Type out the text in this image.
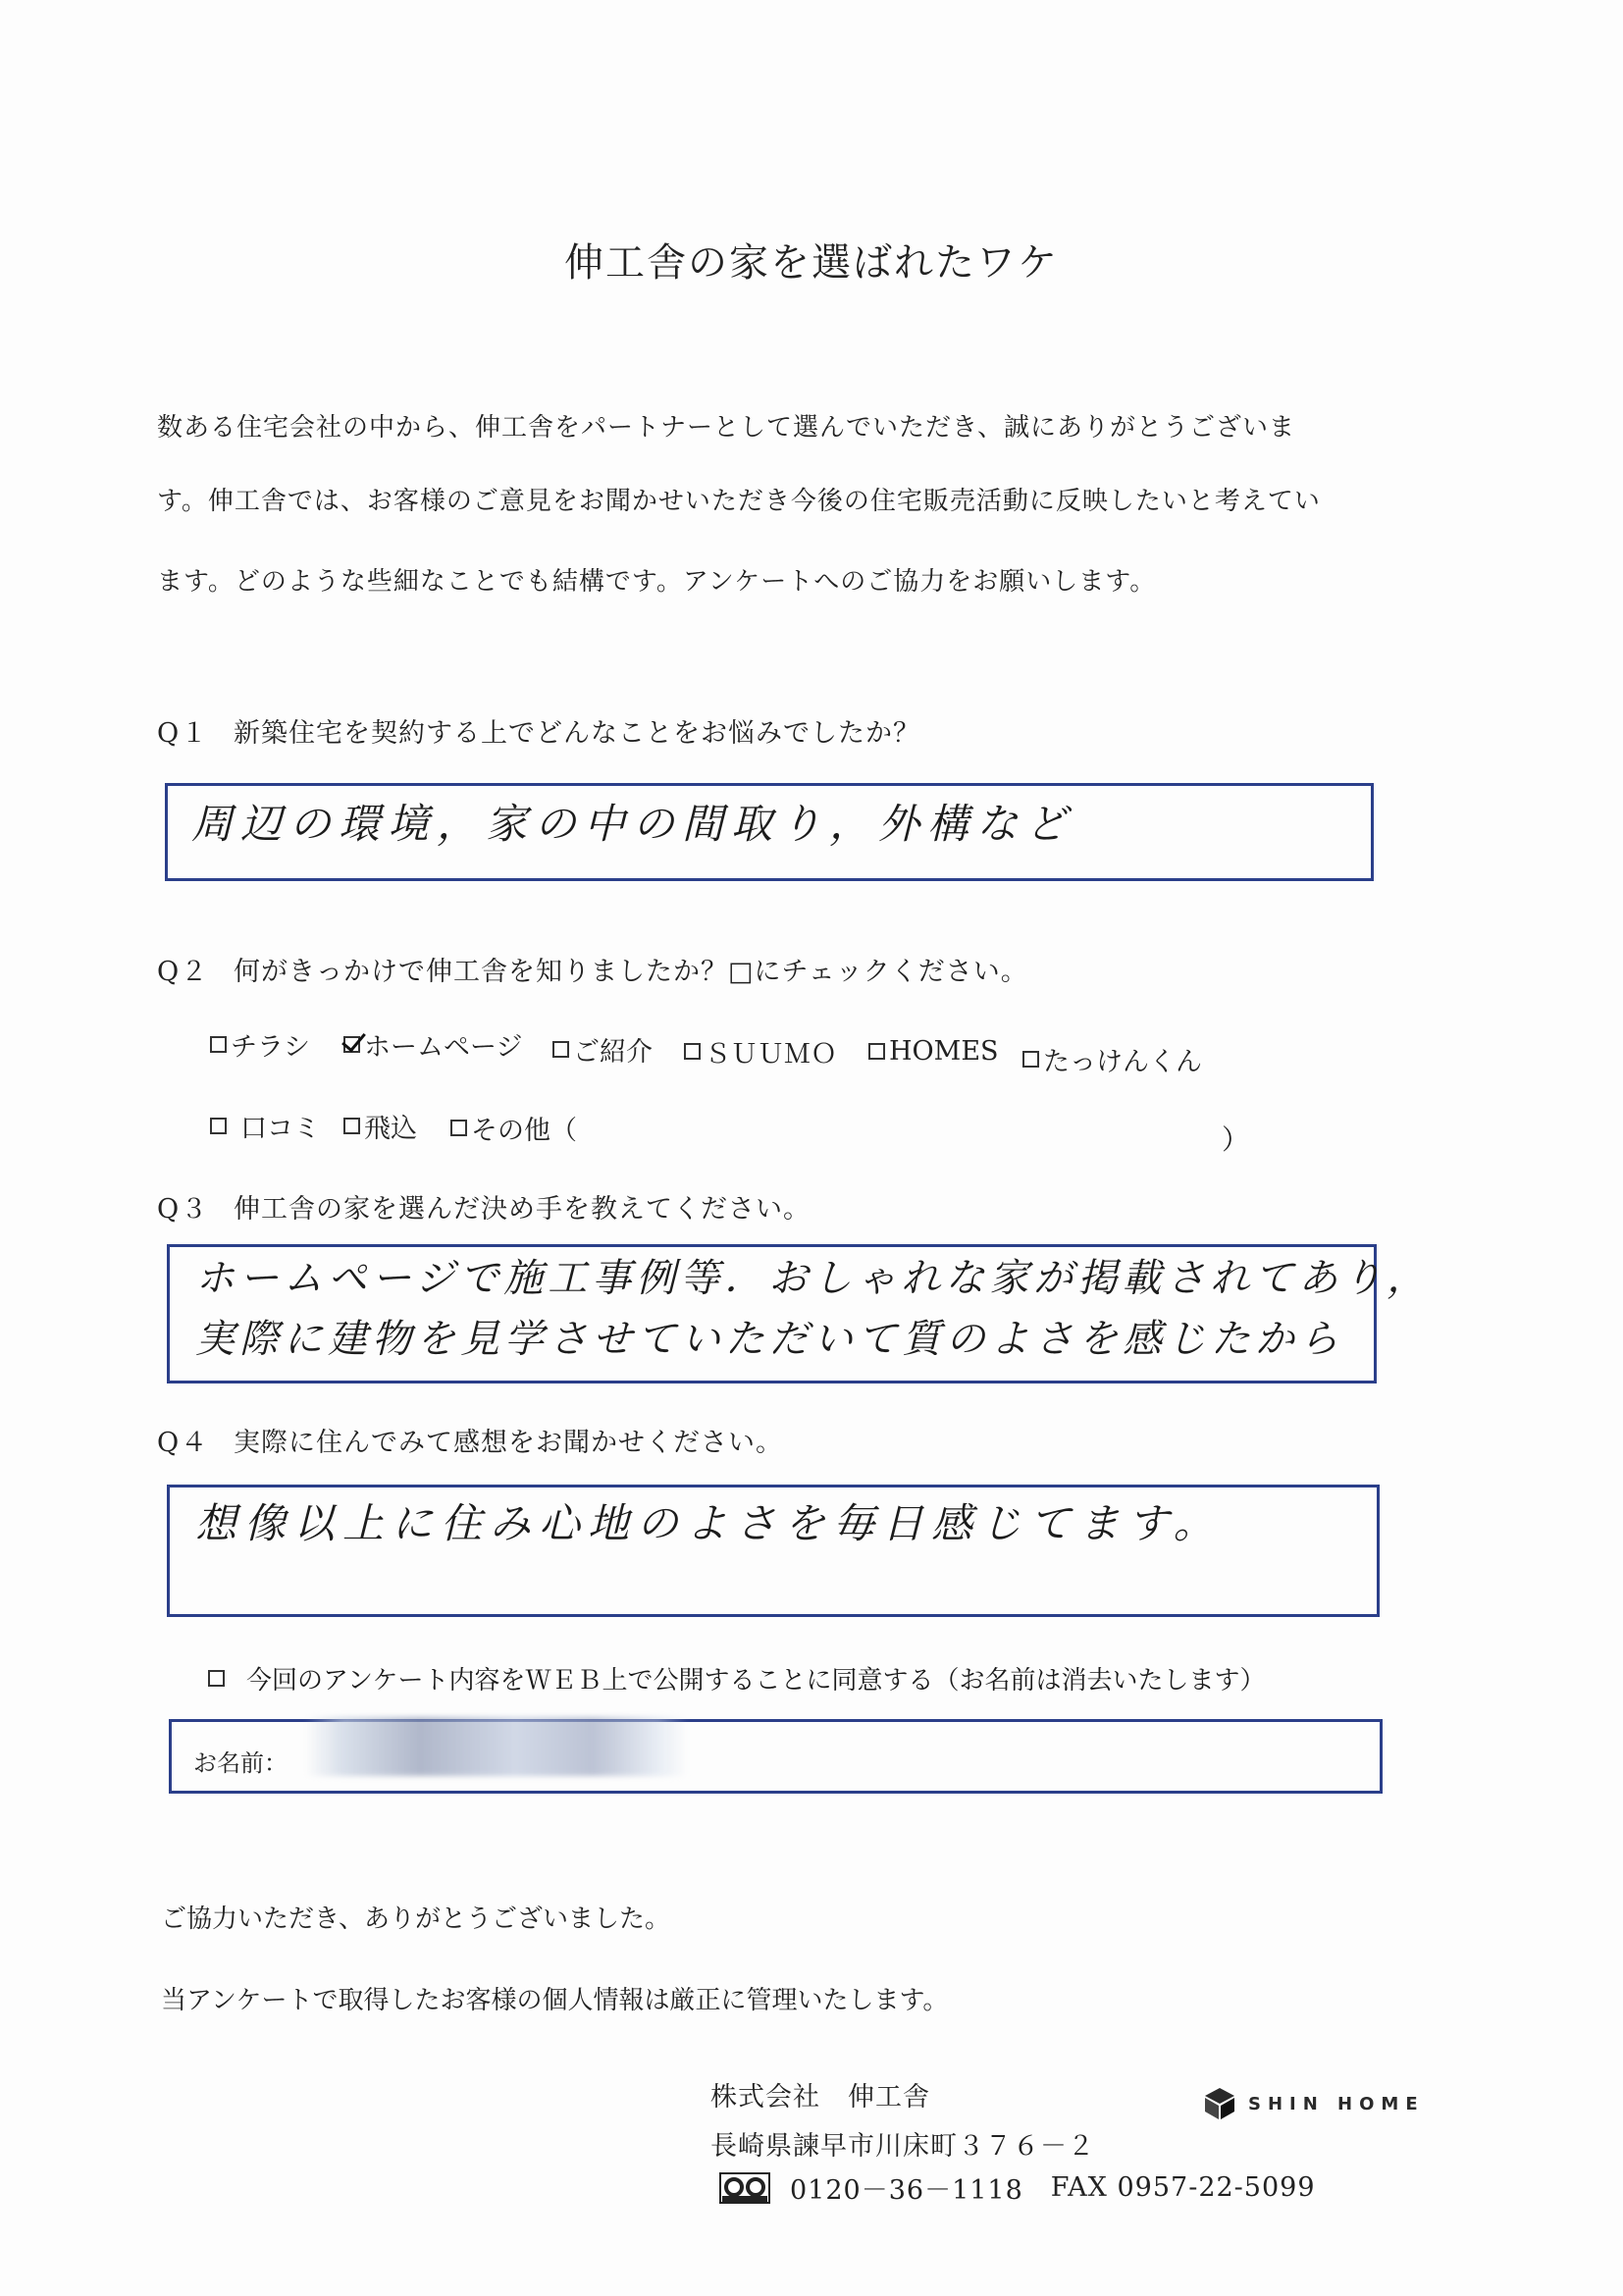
伸工舎の家を選ばれたワケ
数ある住宅会社の中から、伸工舎をパートナーとして選んでいただき、誠にありがとうございま
す。伸工舎では、お客様のご意見をお聞かせいただき今後の住宅販売活動に反映したいと考えてい
ます。どのような些細なことでも結構です。アンケートへのご協力をお願いします。
Q１ 新築住宅を契約する上でどんなことをお悩みでしたか？
周辺の環境，家の中の間取り，外構など
Q２ 何がきっかけで伸工舎を知りましたか？□にチェックください。
チラシ ホームページ ご紹介 ＳＵＵＭＯ HOMES たっけんくん
口コミ 飛込 その他（	）
Q３ 伸工舎の家を選んだ決め手を教えてください。
ホームページで施工事例等．おしゃれな家が掲載されてあり，
実際に建物を見学させていただいて質のよさを感じたから
Q４ 実際に住んでみて感想をお聞かせください。
想像以上に住み心地のよさを毎日感じてます。
今回のアンケート内容をＷＥＢ上で公開することに同意する（お名前は消去いたします）
お名前：
ご協力いただき、ありがとうございました。
当アンケートで取得したお客様の個人情報は厳正に管理いたします。
株式会社　伸工舎
長崎県諫早市川床町３７６－２
0120－36－1118 FAX 0957-22-5099
SHIN HOME
